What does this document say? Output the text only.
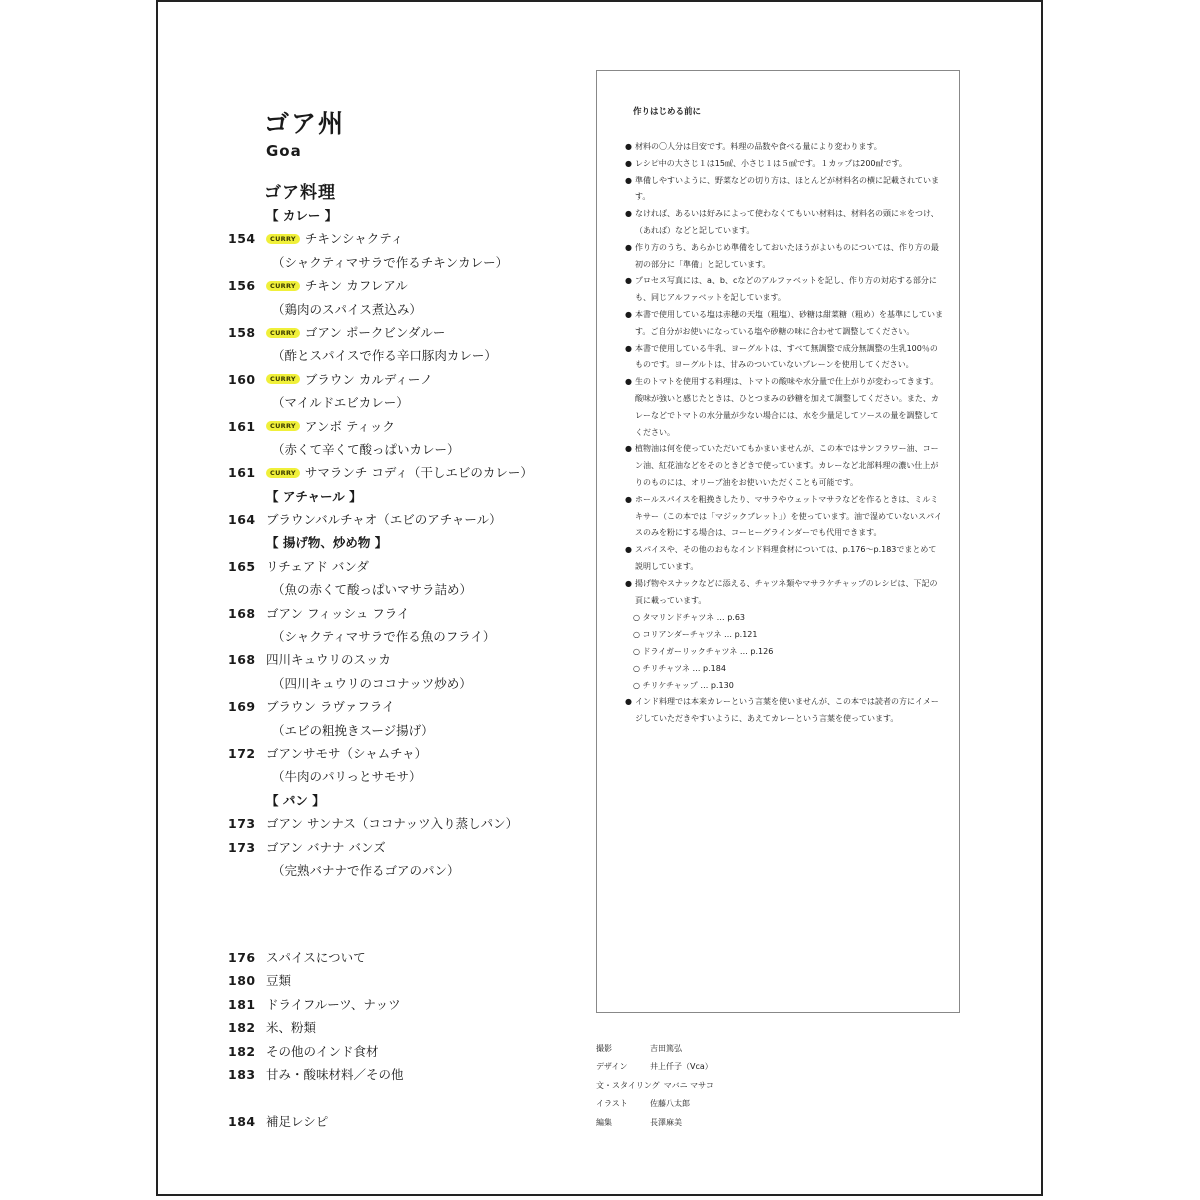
ゴア州
Goa
ゴア料理
【 カレー 】
154	CURRY チキンシャクティ
（シャクティマサラで作るチキンカレー）
156	CURRY チキン カフレアル
（鶏肉のスパイス煮込み）
158	CURRY ゴアン ポークビンダルー
（酢とスパイスで作る辛口豚肉カレー）
160	CURRY ブラウン カルディーノ
（マイルドエビカレー）
161	CURRY アンボ ティック
（赤くて辛くて酸っぱいカレー）
161	CURRY サマランチ コディ（干しエビのカレー）
【 アチャール 】
164 ブラウンバルチャオ（エビのアチャール）
【 揚げ物、炒め物 】
165 リチェアド バンダ
（魚の赤くて酸っぱいマサラ詰め）
168 ゴアン フィッシュ フライ
（シャクティマサラで作る魚のフライ）
168 四川キュウリのスッカ
（四川キュウリのココナッツ炒め）
169 ブラウン ラヴァフライ
（エビの粗挽きスージ揚げ）
172 ゴアンサモサ（シャムチャ）
（牛肉のパリっとサモサ）
【 パン 】
173 ゴアン サンナス（ココナッツ入り蒸しパン）
173 ゴアン バナナ バンズ
（完熟バナナで作るゴアのパン）
176 スパイスについて
180 豆類
181 ドライフルーツ、ナッツ
182 米、粉類
182 その他のインド食材
183 甘み・酸味材料／その他
184 補足レシピ
作りはじめる前に
● 材料の〇人分は目安です。料理の品数や食べる量により変わります。
● レシピ中の大さじ１は15㎖、小さじ１は５㎖です。１カップは200㎖です。
● 準備しやすいように、野菜などの切り方は、ほとんどが材料名の横に記載されています。
● なければ、あるいは好みによって使わなくてもいい材料は、材料名の頭に＊をつけ、（あれば）などと記しています。
● 作り方のうち、あらかじめ準備をしておいたほうがよいものについては、作り方の最初の部分に「準備」と記しています。
● プロセス写真には、a、b、cなどのアルファベットを記し、作り方の対応する部分にも、同じアルファベットを記しています。
● 本書で使用している塩は赤穂の天塩（粗塩）、砂糖は甜菜糖（粗め）を基準にしています。ご自分がお使いになっている塩や砂糖の味に合わせて調整してください。
● 本書で使用している牛乳、ヨーグルトは、すべて無調整で成分無調整の生乳100％のものです。ヨーグルトは、甘みのついていないプレーンを使用してください。
● 生のトマトを使用する料理は、トマトの酸味や水分量で仕上がりが変わってきます。酸味が強いと感じたときは、ひとつまみの砂糖を加えて調整してください。また、カレーなどでトマトの水分量が少ない場合には、水を少量足してソースの量を調整してください。
● 植物油は何を使っていただいてもかまいませんが、この本ではサンフラワー油、コーン油、紅花油などをそのときどきで使っています。カレーなど北部料理の濃い仕上がりのものには、オリーブ油をお使いいただくことも可能です。
● ホールスパイスを粗挽きしたり、マサラやウェットマサラなどを作るときは、ミルミキサー（この本では「マジックブレット」）を使っています。油で湿めていないスパイスのみを粉にする場合は、コーヒーグラインダーでも代用できます。
● スパイスや、その他のおもなインド料理食材については、p.176〜p.183でまとめて説明しています。
● 揚げ物やスナックなどに添える、チャツネ類やマサラケチャップのレシピは、下記の頁に載っています。
○ タマリンドチャツネ … p.63
○ コリアンダーチャツネ … p.121
○ ドライガーリックチャツネ … p.126
○ チリチャツネ … p.184
○ チリケチャップ … p.130
● インド料理では本来カレーという言葉を使いませんが、この本では読者の方にイメージしていただきやすいように、あえてカレーという言葉を使っています。
撮影	吉田篤弘
デザイン	井上仟子（Vca）
文・スタイリング マバニ マサコ
イラスト	佐藤八太郎
編集	長澤麻美
